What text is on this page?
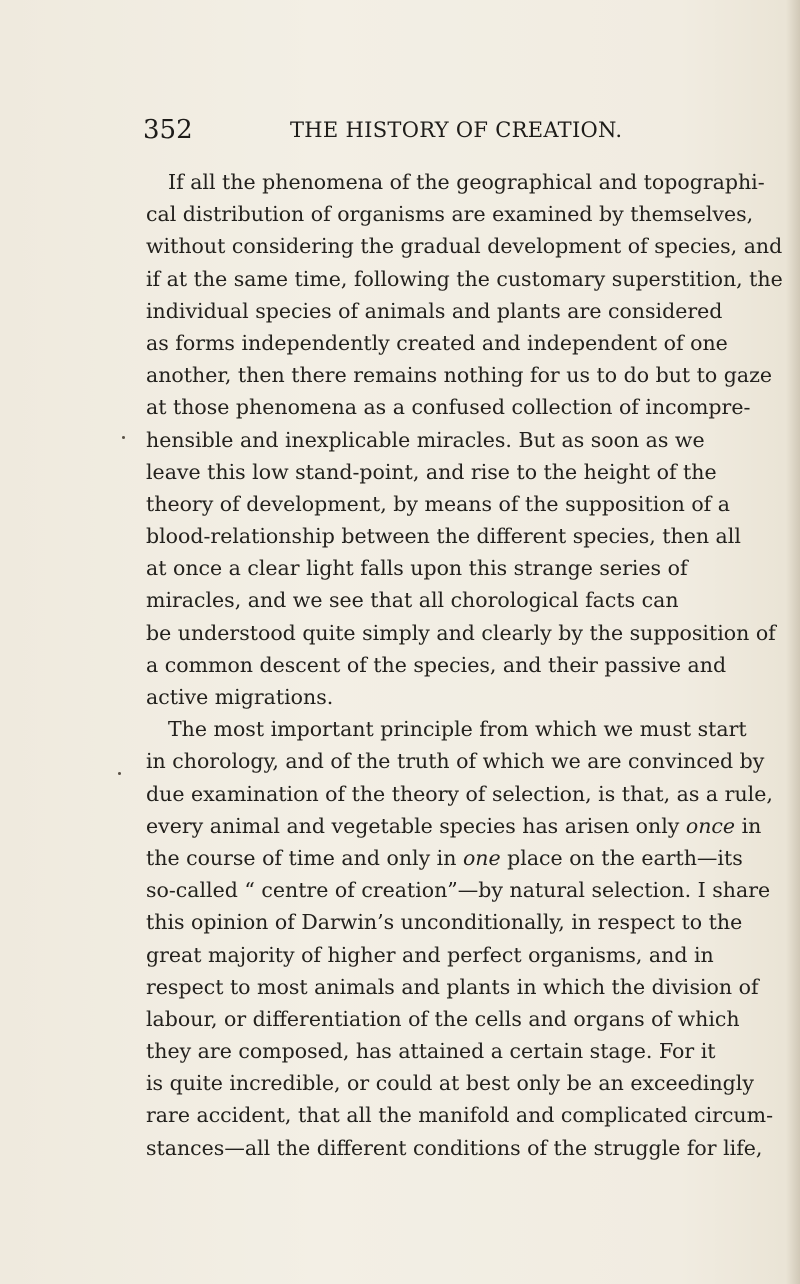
352	THE HISTORY OF CREATION.
If all the phenomena of the geographical and topographi-
cal distribution of organisms are examined by themselves,
without considering the gradual development of species, and
if at the same time, following the customary superstition, the
individual species of animals and plants are considered
as forms independently created and independent of one
another, then there remains nothing for us to do but to gaze
at those phenomena as a confused collection of incompre-
hensible and inexplicable miracles. But as soon as we
leave this low stand-point, and rise to the height of the
theory of development, by means of the supposition of a
blood-relationship between the different species, then all
at once a clear light falls upon this strange series of
miracles, and we see that all chorological facts can
be understood quite simply and clearly by the supposition of
a common descent of the species, and their passive and
active migrations.
The most important principle from which we must start
in chorology, and of the truth of which we are convinced by
due examination of the theory of selection, is that, as a rule,
every animal and vegetable species has arisen only once in
the course of time and only in one place on the earth—its
so-called “ centre of creation”—by natural selection. I share
this opinion of Darwin’s unconditionally, in respect to the
great majority of higher and perfect organisms, and in
respect to most animals and plants in which the division of
labour, or differentiation of the cells and organs of which
they are composed, has attained a certain stage. For it
is quite incredible, or could at best only be an exceedingly
rare accident, that all the manifold and complicated circum-
stances—all the different conditions of the struggle for life,
